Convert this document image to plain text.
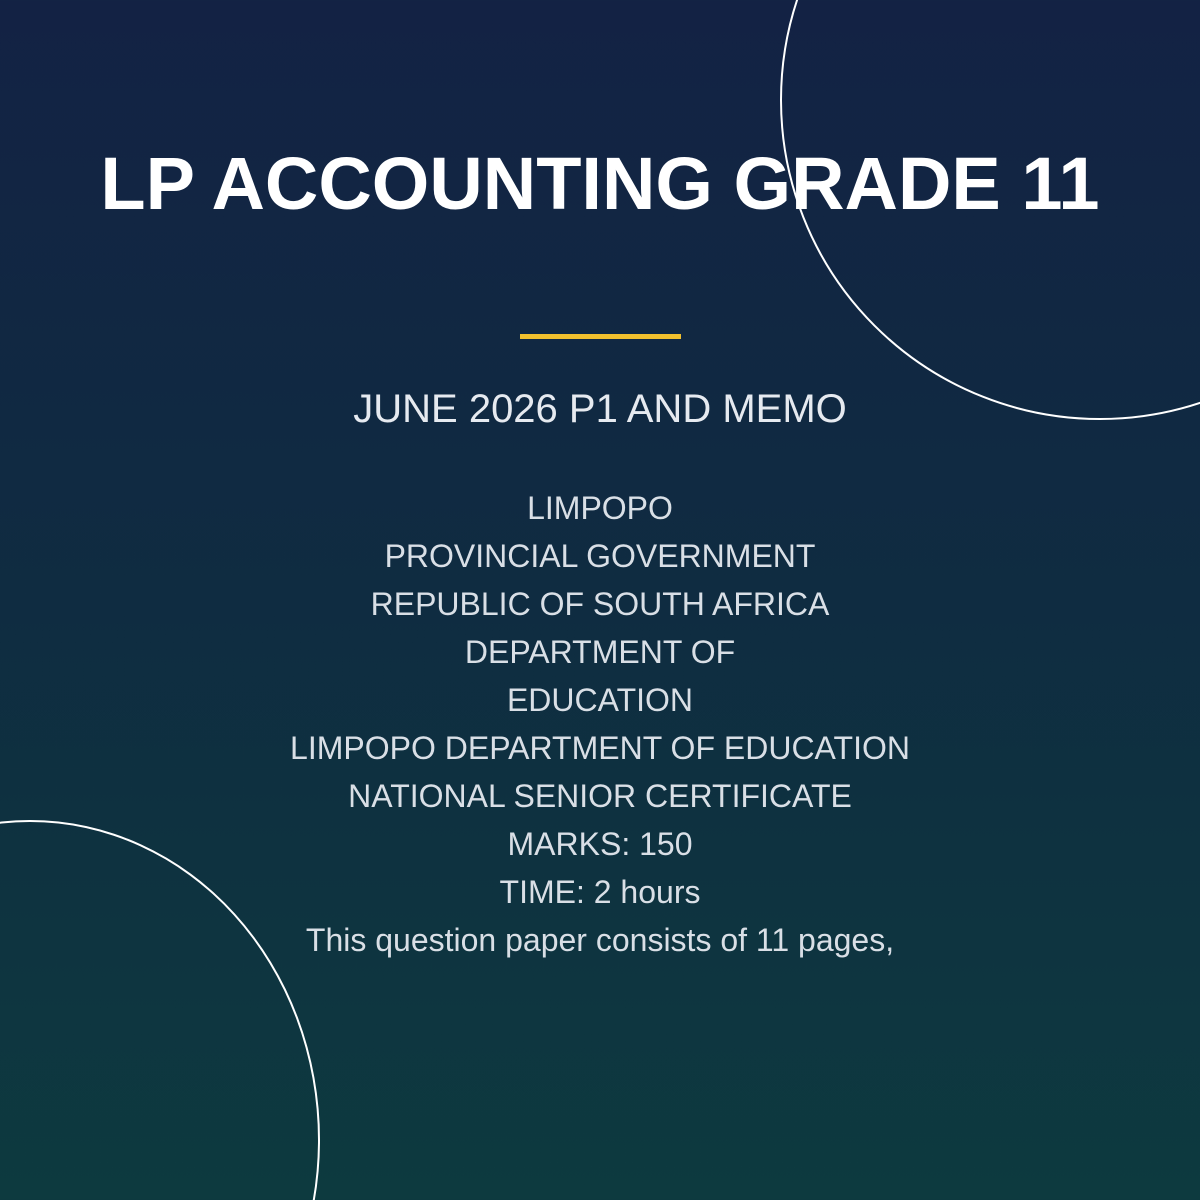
LP ACCOUNTING GRADE 11
JUNE 2026 P1 AND MEMO
LIMPOPO
PROVINCIAL GOVERNMENT
REPUBLIC OF SOUTH AFRICA
DEPARTMENT OF
EDUCATION
LIMPOPO DEPARTMENT OF EDUCATION
NATIONAL SENIOR CERTIFICATE
MARKS: 150
TIME: 2 hours
This question paper consists of 11 pages,
